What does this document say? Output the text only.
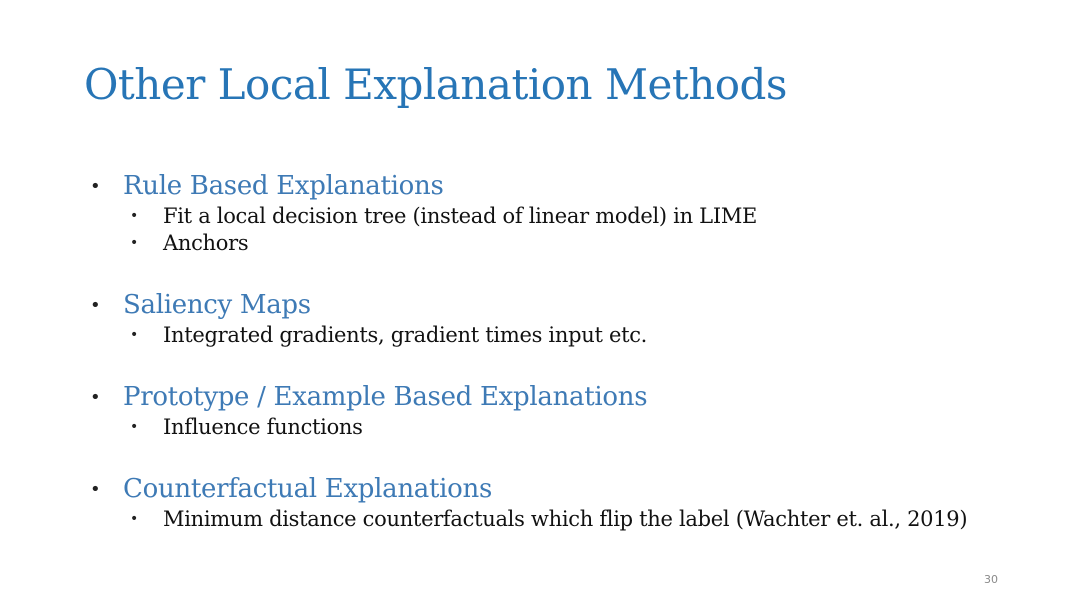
Other Local Explanation Methods
• Rule Based Explanations
•	Fit a local decision tree (instead of linear model) in LIME
•	Anchors
• Saliency Maps
•	Integrated gradients, gradient times input etc.
• Prototype / Example Based Explanations
•	Influence functions
• Counterfactual Explanations
•	Minimum distance counterfactuals which flip the label (Wachter et. al., 2019)
30
